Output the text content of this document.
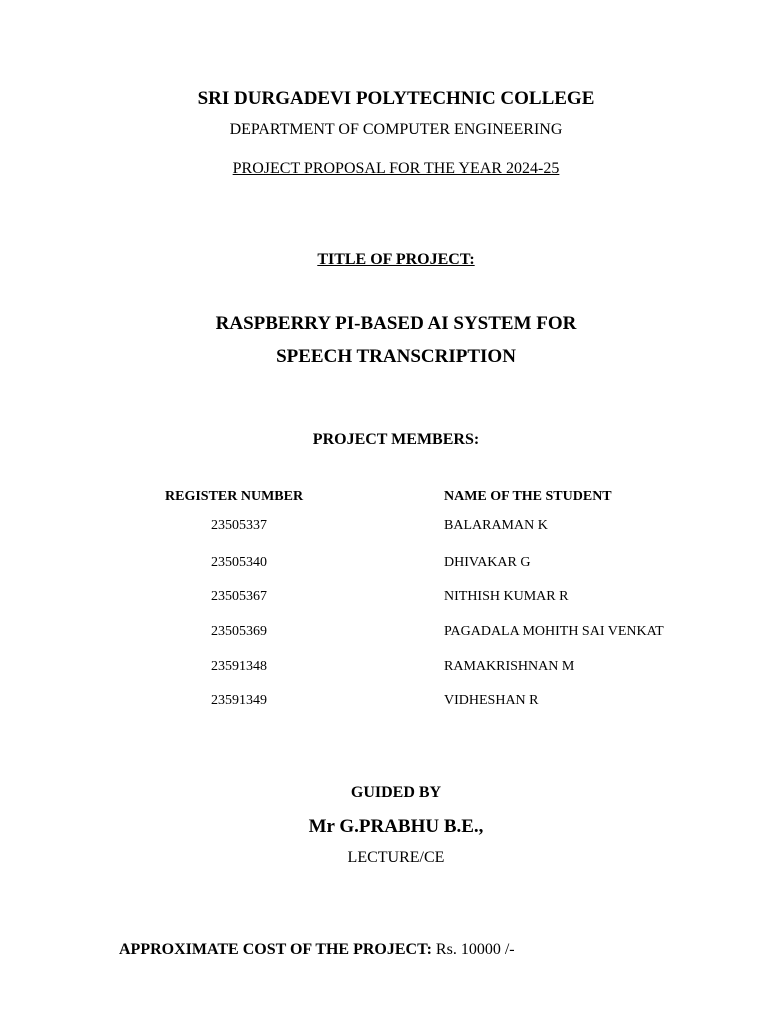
SRI DURGADEVI POLYTECHNIC COLLEGE
DEPARTMENT OF COMPUTER ENGINEERING
PROJECT PROPOSAL FOR THE YEAR 2024-25
TITLE OF PROJECT:
RASPBERRY PI-BASED AI SYSTEM FOR
SPEECH TRANSCRIPTION
PROJECT MEMBERS:
REGISTER NUMBER	NAME OF THE STUDENT
23505337	BALARAMAN K
23505340	DHIVAKAR G
23505367	NITHISH KUMAR R
23505369	PAGADALA MOHITH SAI VENKAT
23591348	RAMAKRISHNAN M
23591349	VIDHESHAN R
GUIDED BY
Mr G.PRABHU B.E.,
LECTURE/CE
APPROXIMATE COST OF THE PROJECT: Rs. 10000 /-
